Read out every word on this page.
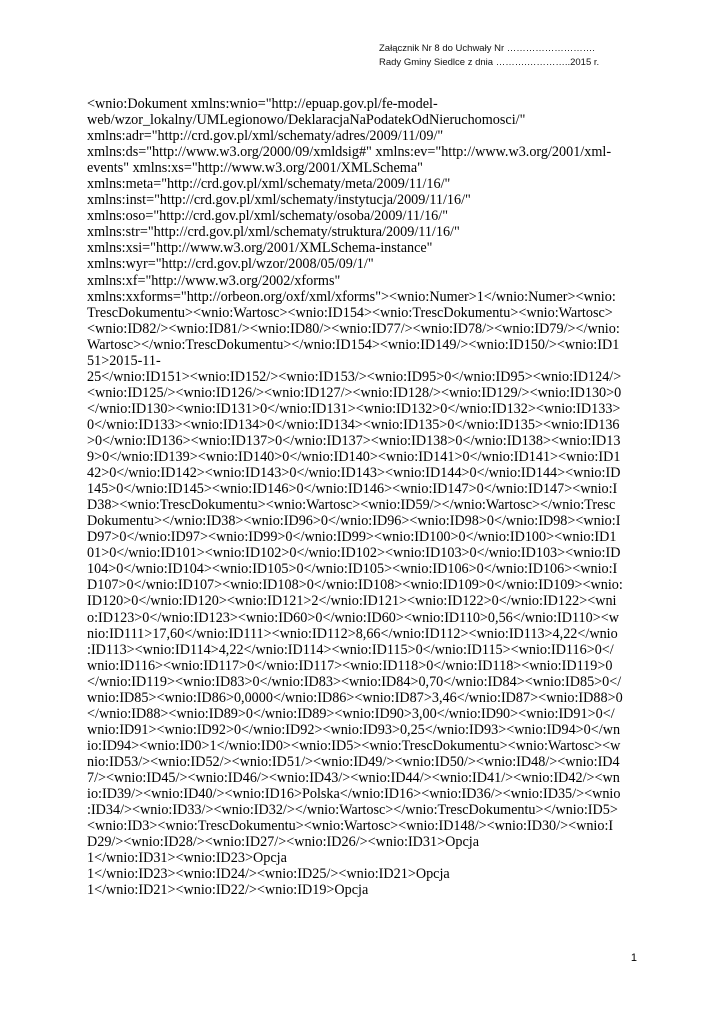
Załącznik Nr 8 do Uchwały Nr ……………………….
Rady Gminy Siedlce z dnia ……….…………..2015 r.
<wnio:Dokument xmlns:wnio="http://epuap.gov.pl/fe-model-
web/wzor_lokalny/UMLegionowo/DeklaracjaNaPodatekOdNieruchomosci/"
xmlns:adr="http://crd.gov.pl/xml/schematy/adres/2009/11/09/"
xmlns:ds="http://www.w3.org/2000/09/xmldsig#" xmlns:ev="http://www.w3.org/2001/xml-
events" xmlns:xs="http://www.w3.org/2001/XMLSchema"
xmlns:meta="http://crd.gov.pl/xml/schematy/meta/2009/11/16/"
xmlns:inst="http://crd.gov.pl/xml/schematy/instytucja/2009/11/16/"
xmlns:oso="http://crd.gov.pl/xml/schematy/osoba/2009/11/16/"
xmlns:str="http://crd.gov.pl/xml/schematy/struktura/2009/11/16/"
xmlns:xsi="http://www.w3.org/2001/XMLSchema-instance"
xmlns:wyr="http://crd.gov.pl/wzor/2008/05/09/1/"
xmlns:xf="http://www.w3.org/2002/xforms"
xmlns:xxforms="http://orbeon.org/oxf/xml/xforms"><wnio:Numer>1</wnio:Numer><wnio:
TrescDokumentu><wnio:Wartosc><wnio:ID154><wnio:TrescDokumentu><wnio:Wartosc>
<wnio:ID82/><wnio:ID81/><wnio:ID80/><wnio:ID77/><wnio:ID78/><wnio:ID79/></wnio:
Wartosc></wnio:TrescDokumentu></wnio:ID154><wnio:ID149/><wnio:ID150/><wnio:ID1
51>2015-11-
25</wnio:ID151><wnio:ID152/><wnio:ID153/><wnio:ID95>0</wnio:ID95><wnio:ID124/>
<wnio:ID125/><wnio:ID126/><wnio:ID127/><wnio:ID128/><wnio:ID129/><wnio:ID130>0
</wnio:ID130><wnio:ID131>0</wnio:ID131><wnio:ID132>0</wnio:ID132><wnio:ID133>
0</wnio:ID133><wnio:ID134>0</wnio:ID134><wnio:ID135>0</wnio:ID135><wnio:ID136
>0</wnio:ID136><wnio:ID137>0</wnio:ID137><wnio:ID138>0</wnio:ID138><wnio:ID13
9>0</wnio:ID139><wnio:ID140>0</wnio:ID140><wnio:ID141>0</wnio:ID141><wnio:ID1
42>0</wnio:ID142><wnio:ID143>0</wnio:ID143><wnio:ID144>0</wnio:ID144><wnio:ID
145>0</wnio:ID145><wnio:ID146>0</wnio:ID146><wnio:ID147>0</wnio:ID147><wnio:I
D38><wnio:TrescDokumentu><wnio:Wartosc><wnio:ID59/></wnio:Wartosc></wnio:Tresc
Dokumentu></wnio:ID38><wnio:ID96>0</wnio:ID96><wnio:ID98>0</wnio:ID98><wnio:I
D97>0</wnio:ID97><wnio:ID99>0</wnio:ID99><wnio:ID100>0</wnio:ID100><wnio:ID1
01>0</wnio:ID101><wnio:ID102>0</wnio:ID102><wnio:ID103>0</wnio:ID103><wnio:ID
104>0</wnio:ID104><wnio:ID105>0</wnio:ID105><wnio:ID106>0</wnio:ID106><wnio:I
D107>0</wnio:ID107><wnio:ID108>0</wnio:ID108><wnio:ID109>0</wnio:ID109><wnio:
ID120>0</wnio:ID120><wnio:ID121>2</wnio:ID121><wnio:ID122>0</wnio:ID122><wni
o:ID123>0</wnio:ID123><wnio:ID60>0</wnio:ID60><wnio:ID110>0,56</wnio:ID110><w
nio:ID111>17,60</wnio:ID111><wnio:ID112>8,66</wnio:ID112><wnio:ID113>4,22</wnio
:ID113><wnio:ID114>4,22</wnio:ID114><wnio:ID115>0</wnio:ID115><wnio:ID116>0</
wnio:ID116><wnio:ID117>0</wnio:ID117><wnio:ID118>0</wnio:ID118><wnio:ID119>0
</wnio:ID119><wnio:ID83>0</wnio:ID83><wnio:ID84>0,70</wnio:ID84><wnio:ID85>0</
wnio:ID85><wnio:ID86>0,0000</wnio:ID86><wnio:ID87>3,46</wnio:ID87><wnio:ID88>0
</wnio:ID88><wnio:ID89>0</wnio:ID89><wnio:ID90>3,00</wnio:ID90><wnio:ID91>0</
wnio:ID91><wnio:ID92>0</wnio:ID92><wnio:ID93>0,25</wnio:ID93><wnio:ID94>0</wn
io:ID94><wnio:ID0>1</wnio:ID0><wnio:ID5><wnio:TrescDokumentu><wnio:Wartosc><w
nio:ID53/><wnio:ID52/><wnio:ID51/><wnio:ID49/><wnio:ID50/><wnio:ID48/><wnio:ID4
7/><wnio:ID45/><wnio:ID46/><wnio:ID43/><wnio:ID44/><wnio:ID41/><wnio:ID42/><wn
io:ID39/><wnio:ID40/><wnio:ID16>Polska</wnio:ID16><wnio:ID36/><wnio:ID35/><wnio
:ID34/><wnio:ID33/><wnio:ID32/></wnio:Wartosc></wnio:TrescDokumentu></wnio:ID5>
<wnio:ID3><wnio:TrescDokumentu><wnio:Wartosc><wnio:ID148/><wnio:ID30/><wnio:I
D29/><wnio:ID28/><wnio:ID27/><wnio:ID26/><wnio:ID31>Opcja
1</wnio:ID31><wnio:ID23>Opcja
1</wnio:ID23><wnio:ID24/><wnio:ID25/><wnio:ID21>Opcja
1</wnio:ID21><wnio:ID22/><wnio:ID19>Opcja
1
